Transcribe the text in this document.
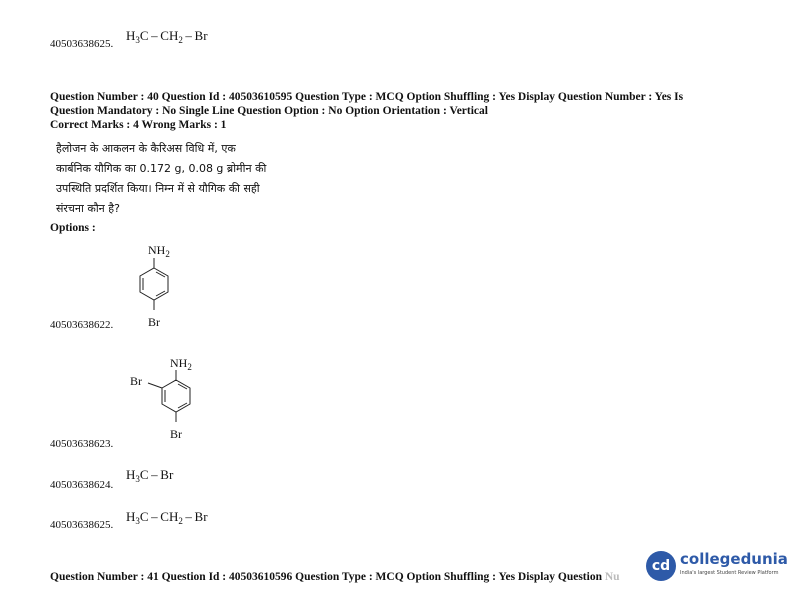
40503638625.
$H_3C - CH_2$ – Br
Question Number : 40 Question Id : 40503610595 Question Type : MCQ Option Shuffling : Yes Display Question Number : Yes Is
Question Mandatory : No Single Line Question Option : No Option Orientation : Vertical
Correct Marks : 4 Wrong Marks : 1
हैलोजन के आकलन के कैरिअस विधि में, एक
कार्बनिक यौगिक का 0.172 g, 0.08 g ब्रोमीन की
उपस्थिति प्रदर्शित किया। निम्न में से यौगिक की सही
संरचना कौन है?
Options :
$NH_2$
Br
40503638622.
$NH_2$
Br
Br
40503638623.
$H_3C$ – Br
40503638624.
$H_3C - CH_2$ – Br
40503638625.
Question Number : 41 Question Id : 40503610596 Question Type : MCQ Option Shuffling : Yes Display Question Nu
cd collegedunia
India's largest Student Review Platform
